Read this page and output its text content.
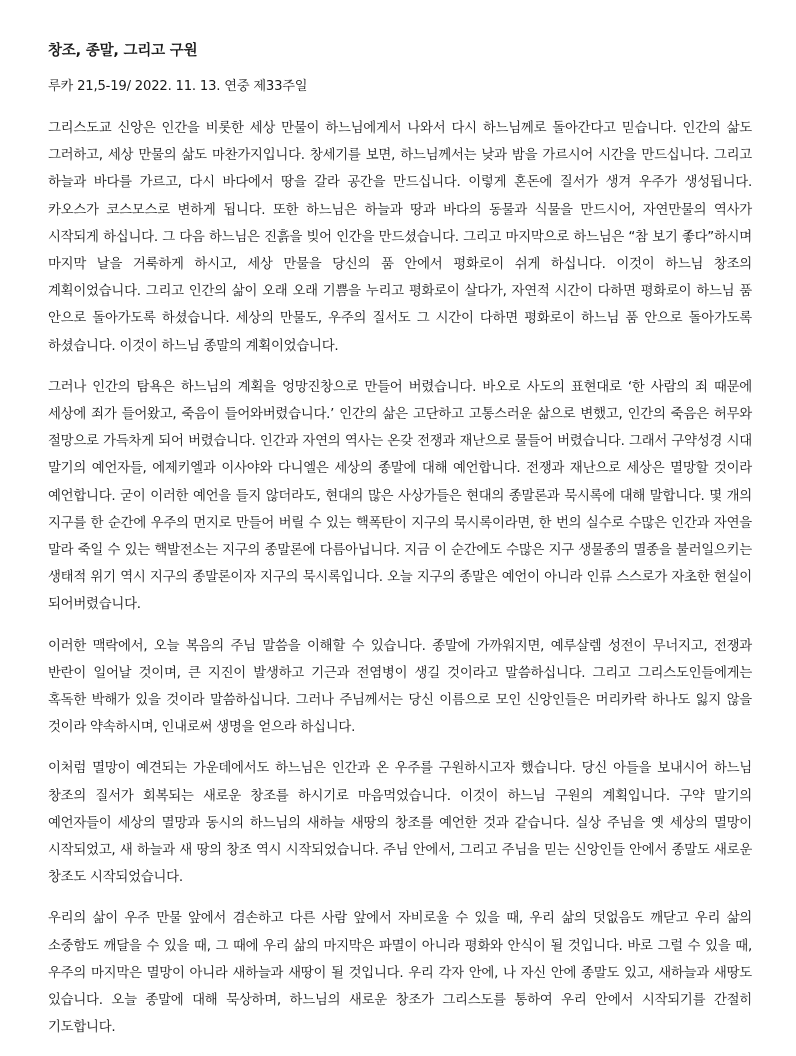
창조, 종말, 그리고 구원
루카 21,5-19/ 2022. 11. 13. 연중 제33주일

그리스도교 신앙은 인간을 비롯한 세상 만물이 하느님에게서 나와서 다시 하느님께로 돌아간다고 믿습니다. 인간의 삶도 그러하고, 세상 만물의 삶도 마찬가지입니다. 창세기를 보면, 하느님께서는 낮과 밤을 가르시어 시간을 만드십니다. 그리고 하늘과 바다를 가르고, 다시 바다에서 땅을 갈라 공간을 만드십니다. 이렇게 혼돈에 질서가 생겨 우주가 생성됩니다. 카오스가 코스모스로 변하게 됩니다. 또한 하느님은 하늘과 땅과 바다의 동물과 식물을 만드시어, 자연만물의 역사가 시작되게 하십니다. 그 다음 하느님은 진흙을 빚어 인간을 만드셨습니다. 그리고 마지막으로 하느님은 “참 보기 좋다”하시며 마지막 날을 거룩하게 하시고, 세상 만물을 당신의 품 안에서 평화로이 쉬게 하십니다. 이것이 하느님 창조의 계획이었습니다. 그리고 인간의 삶이 오래 오래 기쁨을 누리고 평화로이 살다가, 자연적 시간이 다하면 평화로이 하느님 품 안으로 돌아가도록 하셨습니다. 세상의 만물도, 우주의 질서도 그 시간이 다하면 평화로이 하느님 품 안으로 돌아가도록 하셨습니다. 이것이 하느님 종말의 계획이었습니다.

그러나 인간의 탐욕은 하느님의 계획을 엉망진창으로 만들어 버렸습니다. 바오로 사도의 표현대로 ‘한 사람의 죄 때문에 세상에 죄가 들어왔고, 죽음이 들어와버렸습니다.’ 인간의 삶은 고단하고 고통스러운 삶으로 변했고, 인간의 죽음은 허무와 절망으로 가득차게 되어 버렸습니다. 인간과 자연의 역사는 온갖 전쟁과 재난으로 물들어 버렸습니다. 그래서 구약성경 시대 말기의 예언자들, 에제키엘과 이사야와 다니엘은 세상의 종말에 대해 예언합니다. 전쟁과 재난으로 세상은 멸망할 것이라 예언합니다. 굳이 이러한 예언을 들지 않더라도, 현대의 많은 사상가들은 현대의 종말론과 묵시록에 대해 말합니다. 몇 개의 지구를 한 순간에 우주의 먼지로 만들어 버릴 수 있는 핵폭탄이 지구의 묵시록이라면, 한 번의 실수로 수많은 인간과 자연을 말라 죽일 수 있는 핵발전소는 지구의 종말론에 다름아닙니다. 지금 이 순간에도 수많은 지구 생물종의 멸종을 불러일으키는 생태적 위기 역시 지구의 종말론이자 지구의 묵시록입니다. 오늘 지구의 종말은 예언이 아니라 인류 스스로가 자초한 현실이 되어버렸습니다.

이러한 맥락에서, 오늘 복음의 주님 말씀을 이해할 수 있습니다. 종말에 가까워지면, 예루살렘 성전이 무너지고, 전쟁과 반란이 일어날 것이며, 큰 지진이 발생하고 기근과 전염병이 생길 것이라고 말씀하십니다. 그리고 그리스도인들에게는 혹독한 박해가 있을 것이라 말씀하십니다. 그러나 주님께서는 당신 이름으로 모인 신앙인들은 머리카락 하나도 잃지 않을 것이라 약속하시며, 인내로써 생명을 얻으라 하십니다.

이처럼 멸망이 예견되는 가운데에서도 하느님은 인간과 온 우주를 구원하시고자 했습니다. 당신 아들을 보내시어 하느님 창조의 질서가 회복되는 새로운 창조를 하시기로 마음먹었습니다. 이것이 하느님 구원의 계획입니다. 구약 말기의 예언자들이 세상의 멸망과 동시의 하느님의 새하늘 새땅의 창조를 예언한 것과 같습니다. 실상 주님을 옛 세상의 멸망이 시작되었고, 새 하늘과 새 땅의 창조 역시 시작되었습니다. 주님 안에서, 그리고 주님을 믿는 신앙인들 안에서 종말도 새로운 창조도 시작되었습니다.

우리의 삶이 우주 만물 앞에서 겸손하고 다른 사람 앞에서 자비로울 수 있을 때, 우리 삶의 덧없음도 깨닫고 우리 삶의 소중함도 깨달을 수 있을 때, 그 때에 우리 삶의 마지막은 파멸이 아니라 평화와 안식이 될 것입니다. 바로 그럴 수 있을 때, 우주의 마지막은 멸망이 아니라 새하늘과 새땅이 될 것입니다. 우리 각자 안에, 나 자신 안에 종말도 있고, 새하늘과 새땅도 있습니다. 오늘 종말에 대해 묵상하며, 하느님의 새로운 창조가 그리스도를 통하여 우리 안에서 시작되기를 간절히 기도합니다.
